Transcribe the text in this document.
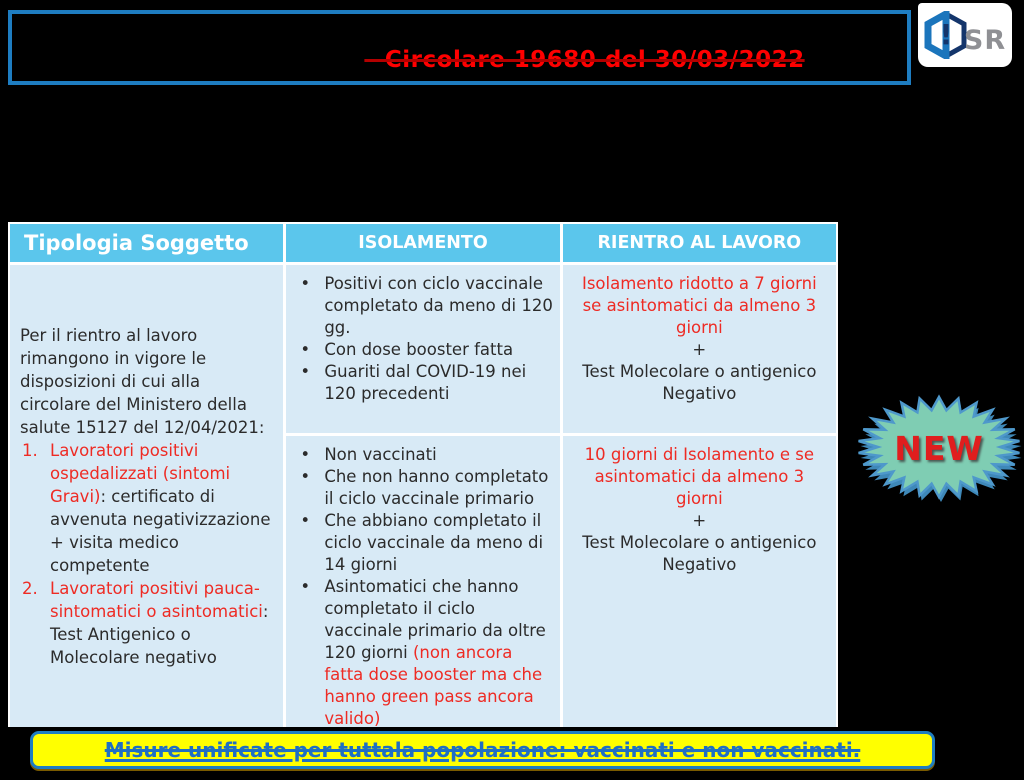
– Circolare 19680 del 30/03/2022
! SR
Tipologia Soggetto	ISOLAMENTO	RIENTRO AL LAVORO
• Positivi con ciclo vaccinale completato da meno di 120 gg.
• Con dose booster fatta
• Guariti dal COVID-19 nei 120 precedenti
Isolamento ridotto a 7 giorni se asintomatici da almeno 3 giorni
+
Test Molecolare o antigenico Negativo
Per il rientro al lavoro rimangono in vigore le disposizioni di cui alla circolare del Ministero della salute 15127 del 12/04/2021:
1. Lavoratori positivi ospedalizzati (sintomi Gravi): certificato di avvenuta negativizzazione + visita medico competente
2. Lavoratori positivi pauca-sintomatici o asintomatici: Test Antigenico o Molecolare negativo
• Non vaccinati
• Che non hanno completato il ciclo vaccinale primario
• Che abbiano completato il ciclo vaccinale da meno di 14 giorni
• Asintomatici che hanno completato il ciclo vaccinale primario da oltre 120 giorni (non ancora fatta dose booster ma che hanno green pass ancora valido)
10 giorni di Isolamento e se asintomatici da almeno 3 giorni
+
Test Molecolare o antigenico Negativo
NEW
Misure unificate per tuttala popolazione: vaccinati e non vaccinati.
